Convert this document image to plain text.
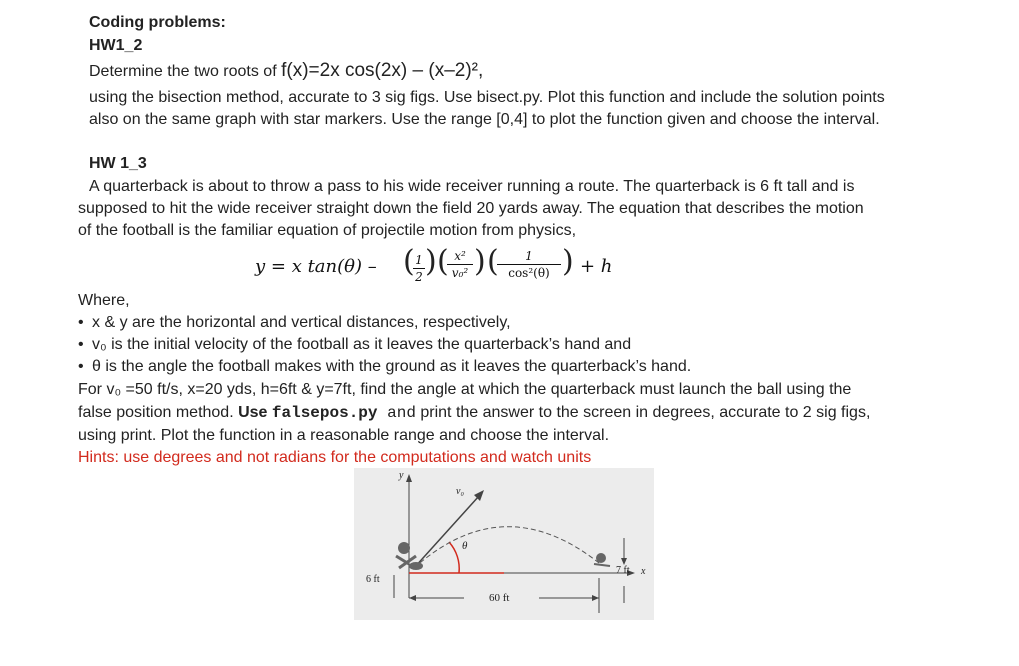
Coding problems:
HW1_2
Determine the two roots of f(x)=2x cos(2x) – (x–2)²,
using the bisection method, accurate to 3 sig figs. Use bisect.py. Plot this function and include the solution points
also on the same graph with star markers. Use the range [0,4] to plot the function given and choose the interval.
HW 1_3
A quarterback is about to throw a pass to his wide receiver running a route. The quarterback is 6 ft tall and is
supposed to hit the wide receiver straight down the field 20 yards away. The equation that describes the motion
of the football is the familiar equation of projectile motion from physics,
y = x tan(θ) – ( 1
2 ) ( x²
v₀² ) (	1
cos²(θ) ) + h
Where,
• x & y are the horizontal and vertical distances, respectively,
• v₀ is the initial velocity of the football as it leaves the quarterback’s hand and
• θ is the angle the football makes with the ground as it leaves the quarterback’s hand.
For v₀ =50 ft/s, x=20 yds, h=6ft & y=7ft, find the angle at which the quarterback must launch the ball using the
false position method. Use falsepos.py and print the answer to the screen in degrees, accurate to 2 sig figs,
using print. Plot the function in a reasonable range and choose the interval.
Hints: use degrees and not radians for the computations and watch units
y
v₀
θ
6 ft
7 ft x
60 ft
